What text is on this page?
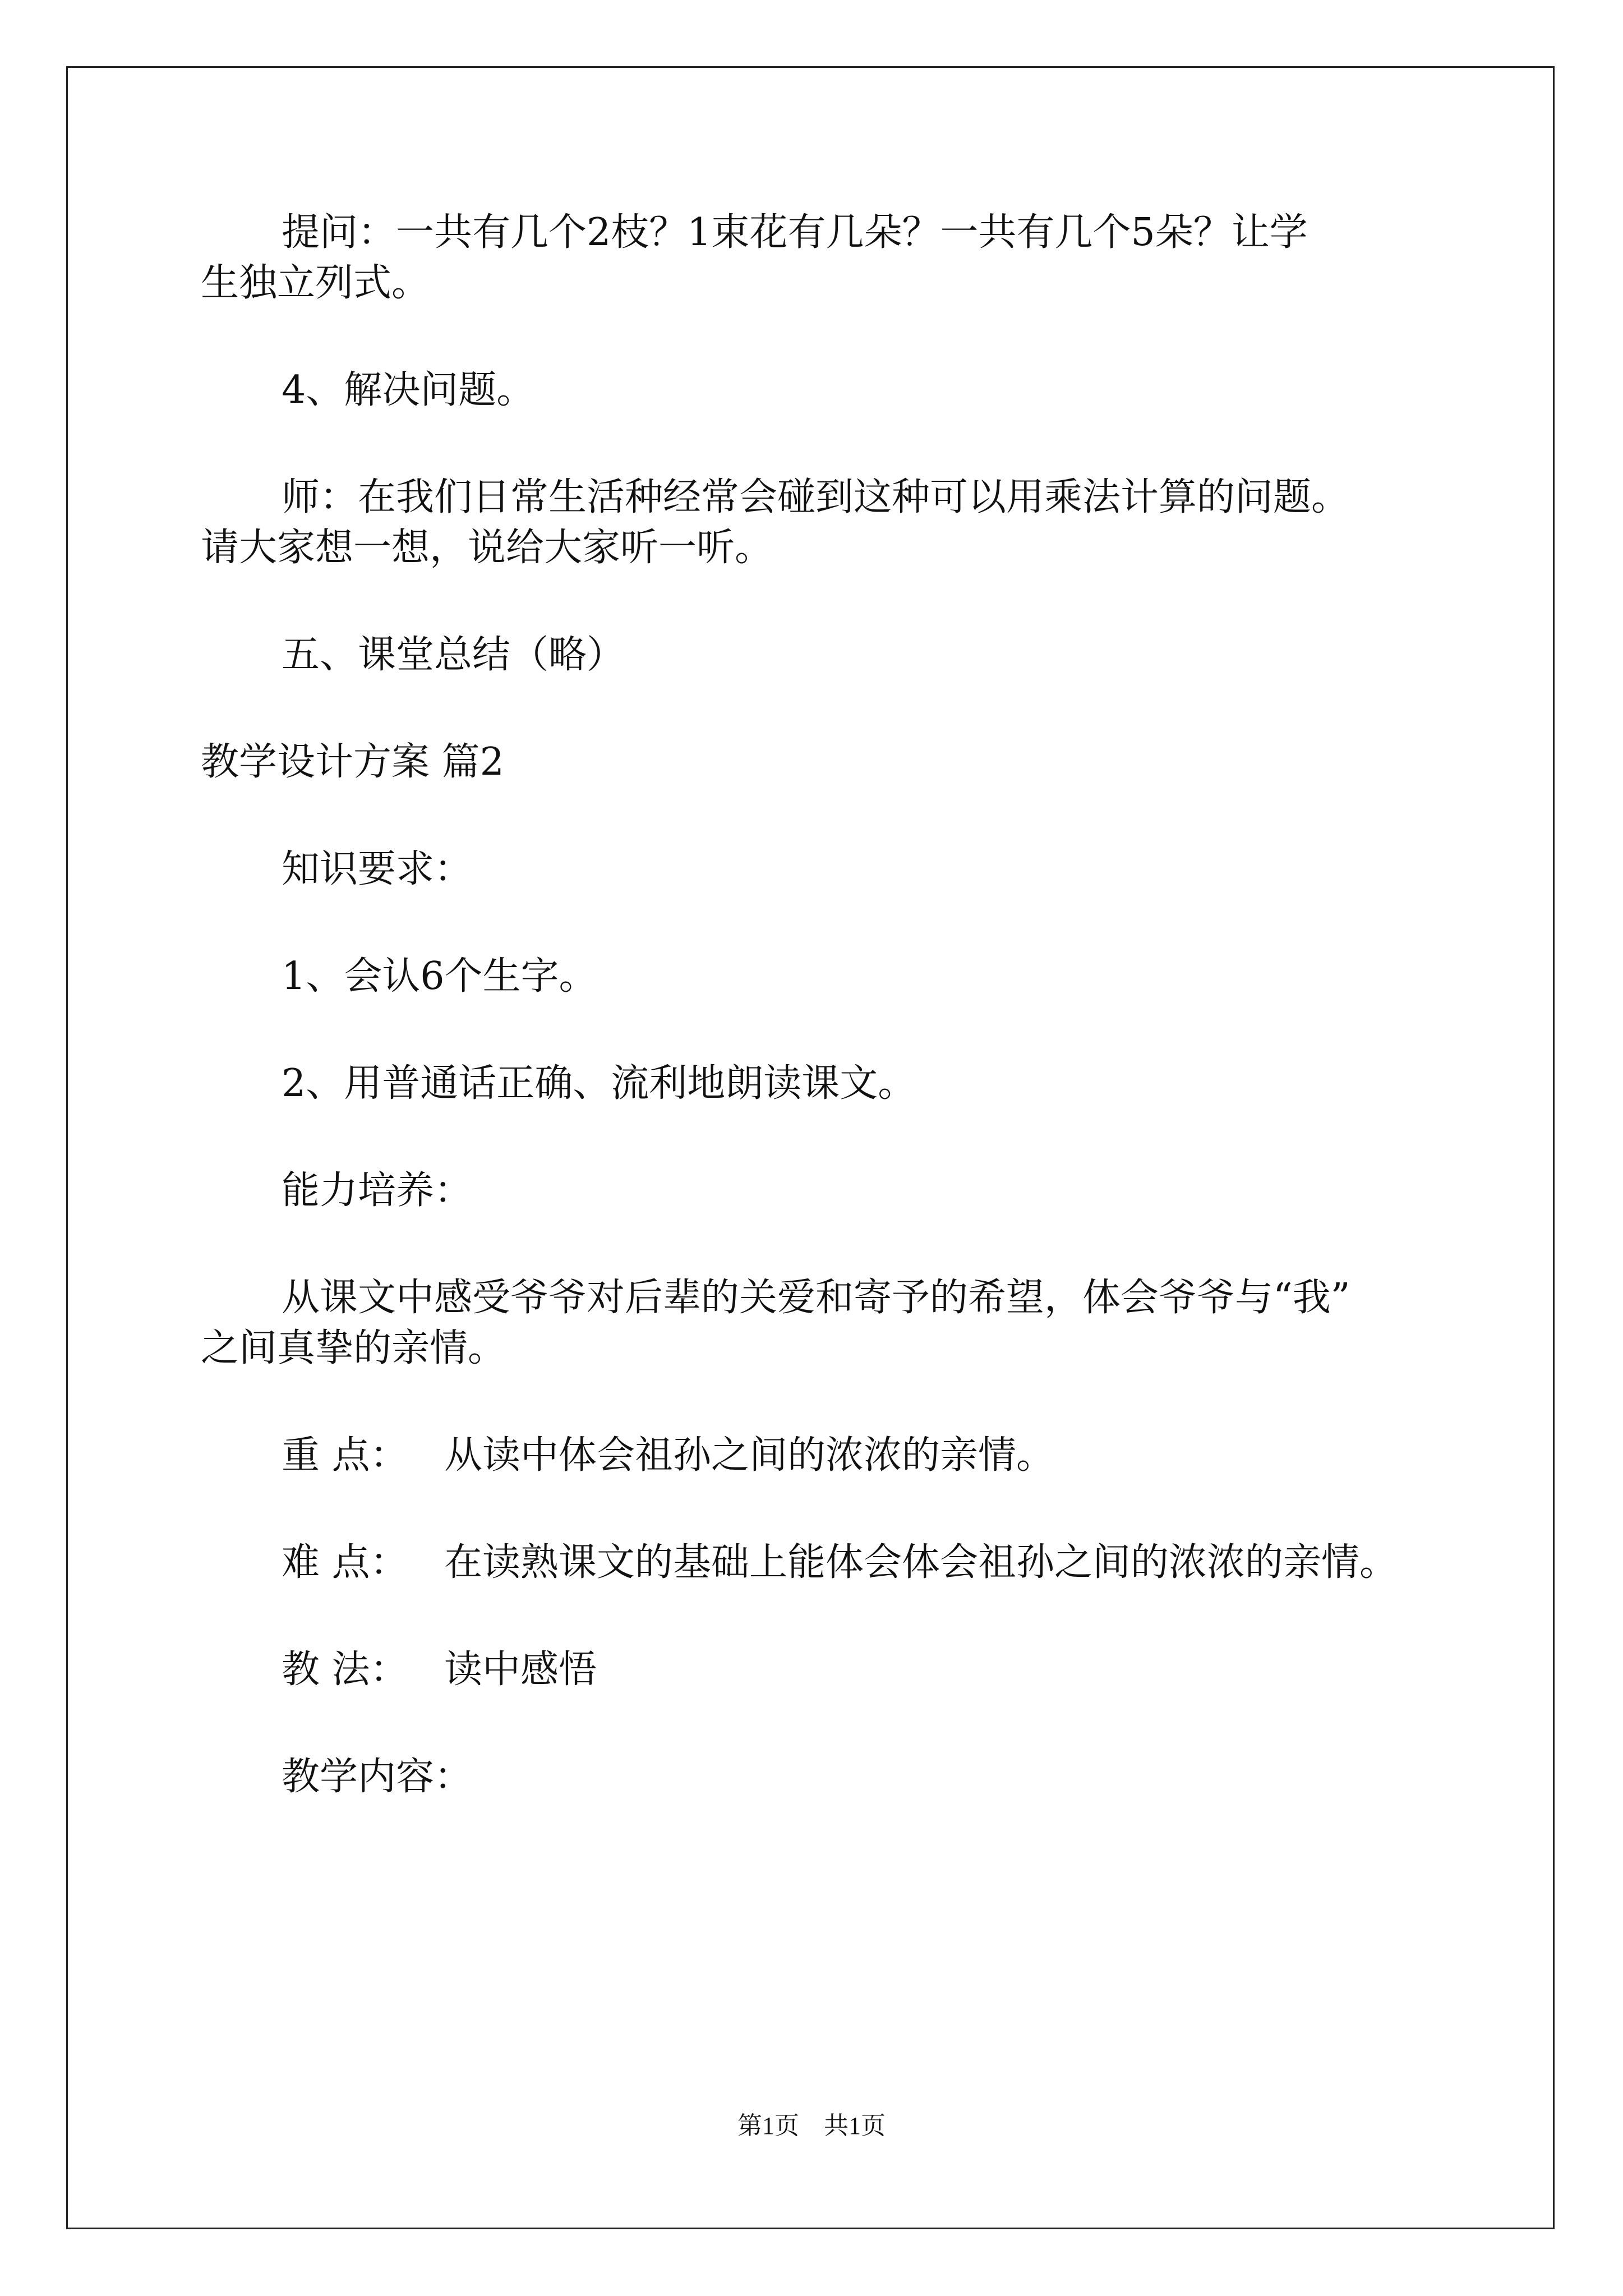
提问：一共有几个2枝？1束花有几朵？一共有几个5朵？让学
生独立列式。
4、解决问题。
师：在我们日常生活种经常会碰到这种可以用乘法计算的问题。
请大家想一想，说给大家听一听。
五、课堂总结（略）
教学设计方案 篇2
知识要求：
1、会认6个生字。
2、用普通话正确、流利地朗读课文。
能力培养：
从课文中感受爷爷对后辈的关爱和寄予的希望，体会爷爷与“我”
之间真挚的亲情。
重 点： 从读中体会祖孙之间的浓浓的亲情。
难 点： 在读熟课文的基础上能体会体会祖孙之间的浓浓的亲情。
教 法： 读中感悟
教学内容：
第1页　共1页
